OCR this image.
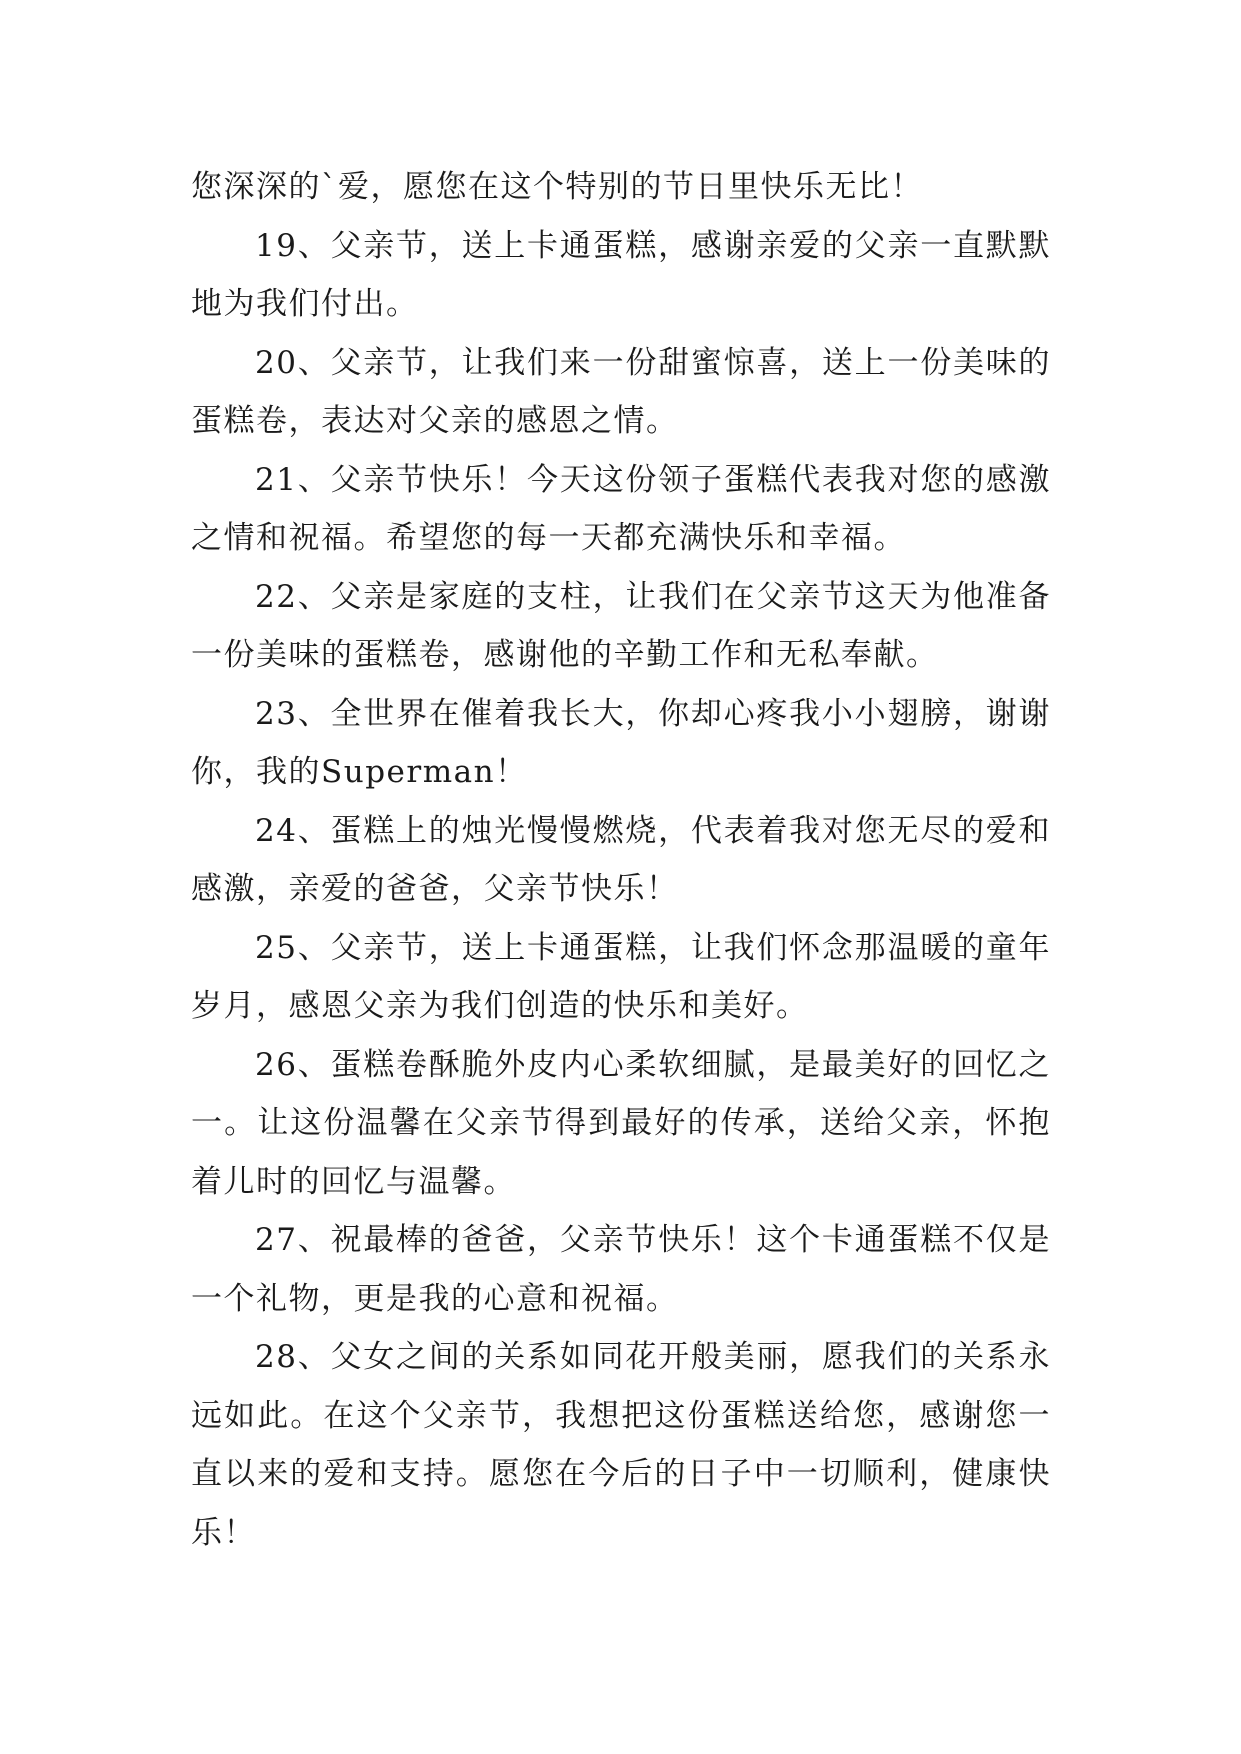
您深深的`爱，愿您在这个特别的节日里快乐无比！

19、父亲节，送上卡通蛋糕，感谢亲爱的父亲一直默默地为我们付出。

20、父亲节，让我们来一份甜蜜惊喜，送上一份美味的蛋糕卷，表达对父亲的感恩之情。

21、父亲节快乐！今天这份领子蛋糕代表我对您的感激之情和祝福。希望您的每一天都充满快乐和幸福。

22、父亲是家庭的支柱，让我们在父亲节这天为他准备一份美味的蛋糕卷，感谢他的辛勤工作和无私奉献。

23、全世界在催着我长大，你却心疼我小小翅膀，谢谢你，我的Superman！

24、蛋糕上的烛光慢慢燃烧，代表着我对您无尽的爱和感激，亲爱的爸爸，父亲节快乐！

25、父亲节，送上卡通蛋糕，让我们怀念那温暖的童年岁月，感恩父亲为我们创造的快乐和美好。

26、蛋糕卷酥脆外皮内心柔软细腻，是最美好的回忆之一。让这份温馨在父亲节得到最好的传承，送给父亲，怀抱着儿时的回忆与温馨。

27、祝最棒的爸爸，父亲节快乐！这个卡通蛋糕不仅是一个礼物，更是我的心意和祝福。

28、父女之间的关系如同花开般美丽，愿我们的关系永远如此。在这个父亲节，我想把这份蛋糕送给您，感谢您一直以来的爱和支持。愿您在今后的日子中一切顺利，健康快乐！
